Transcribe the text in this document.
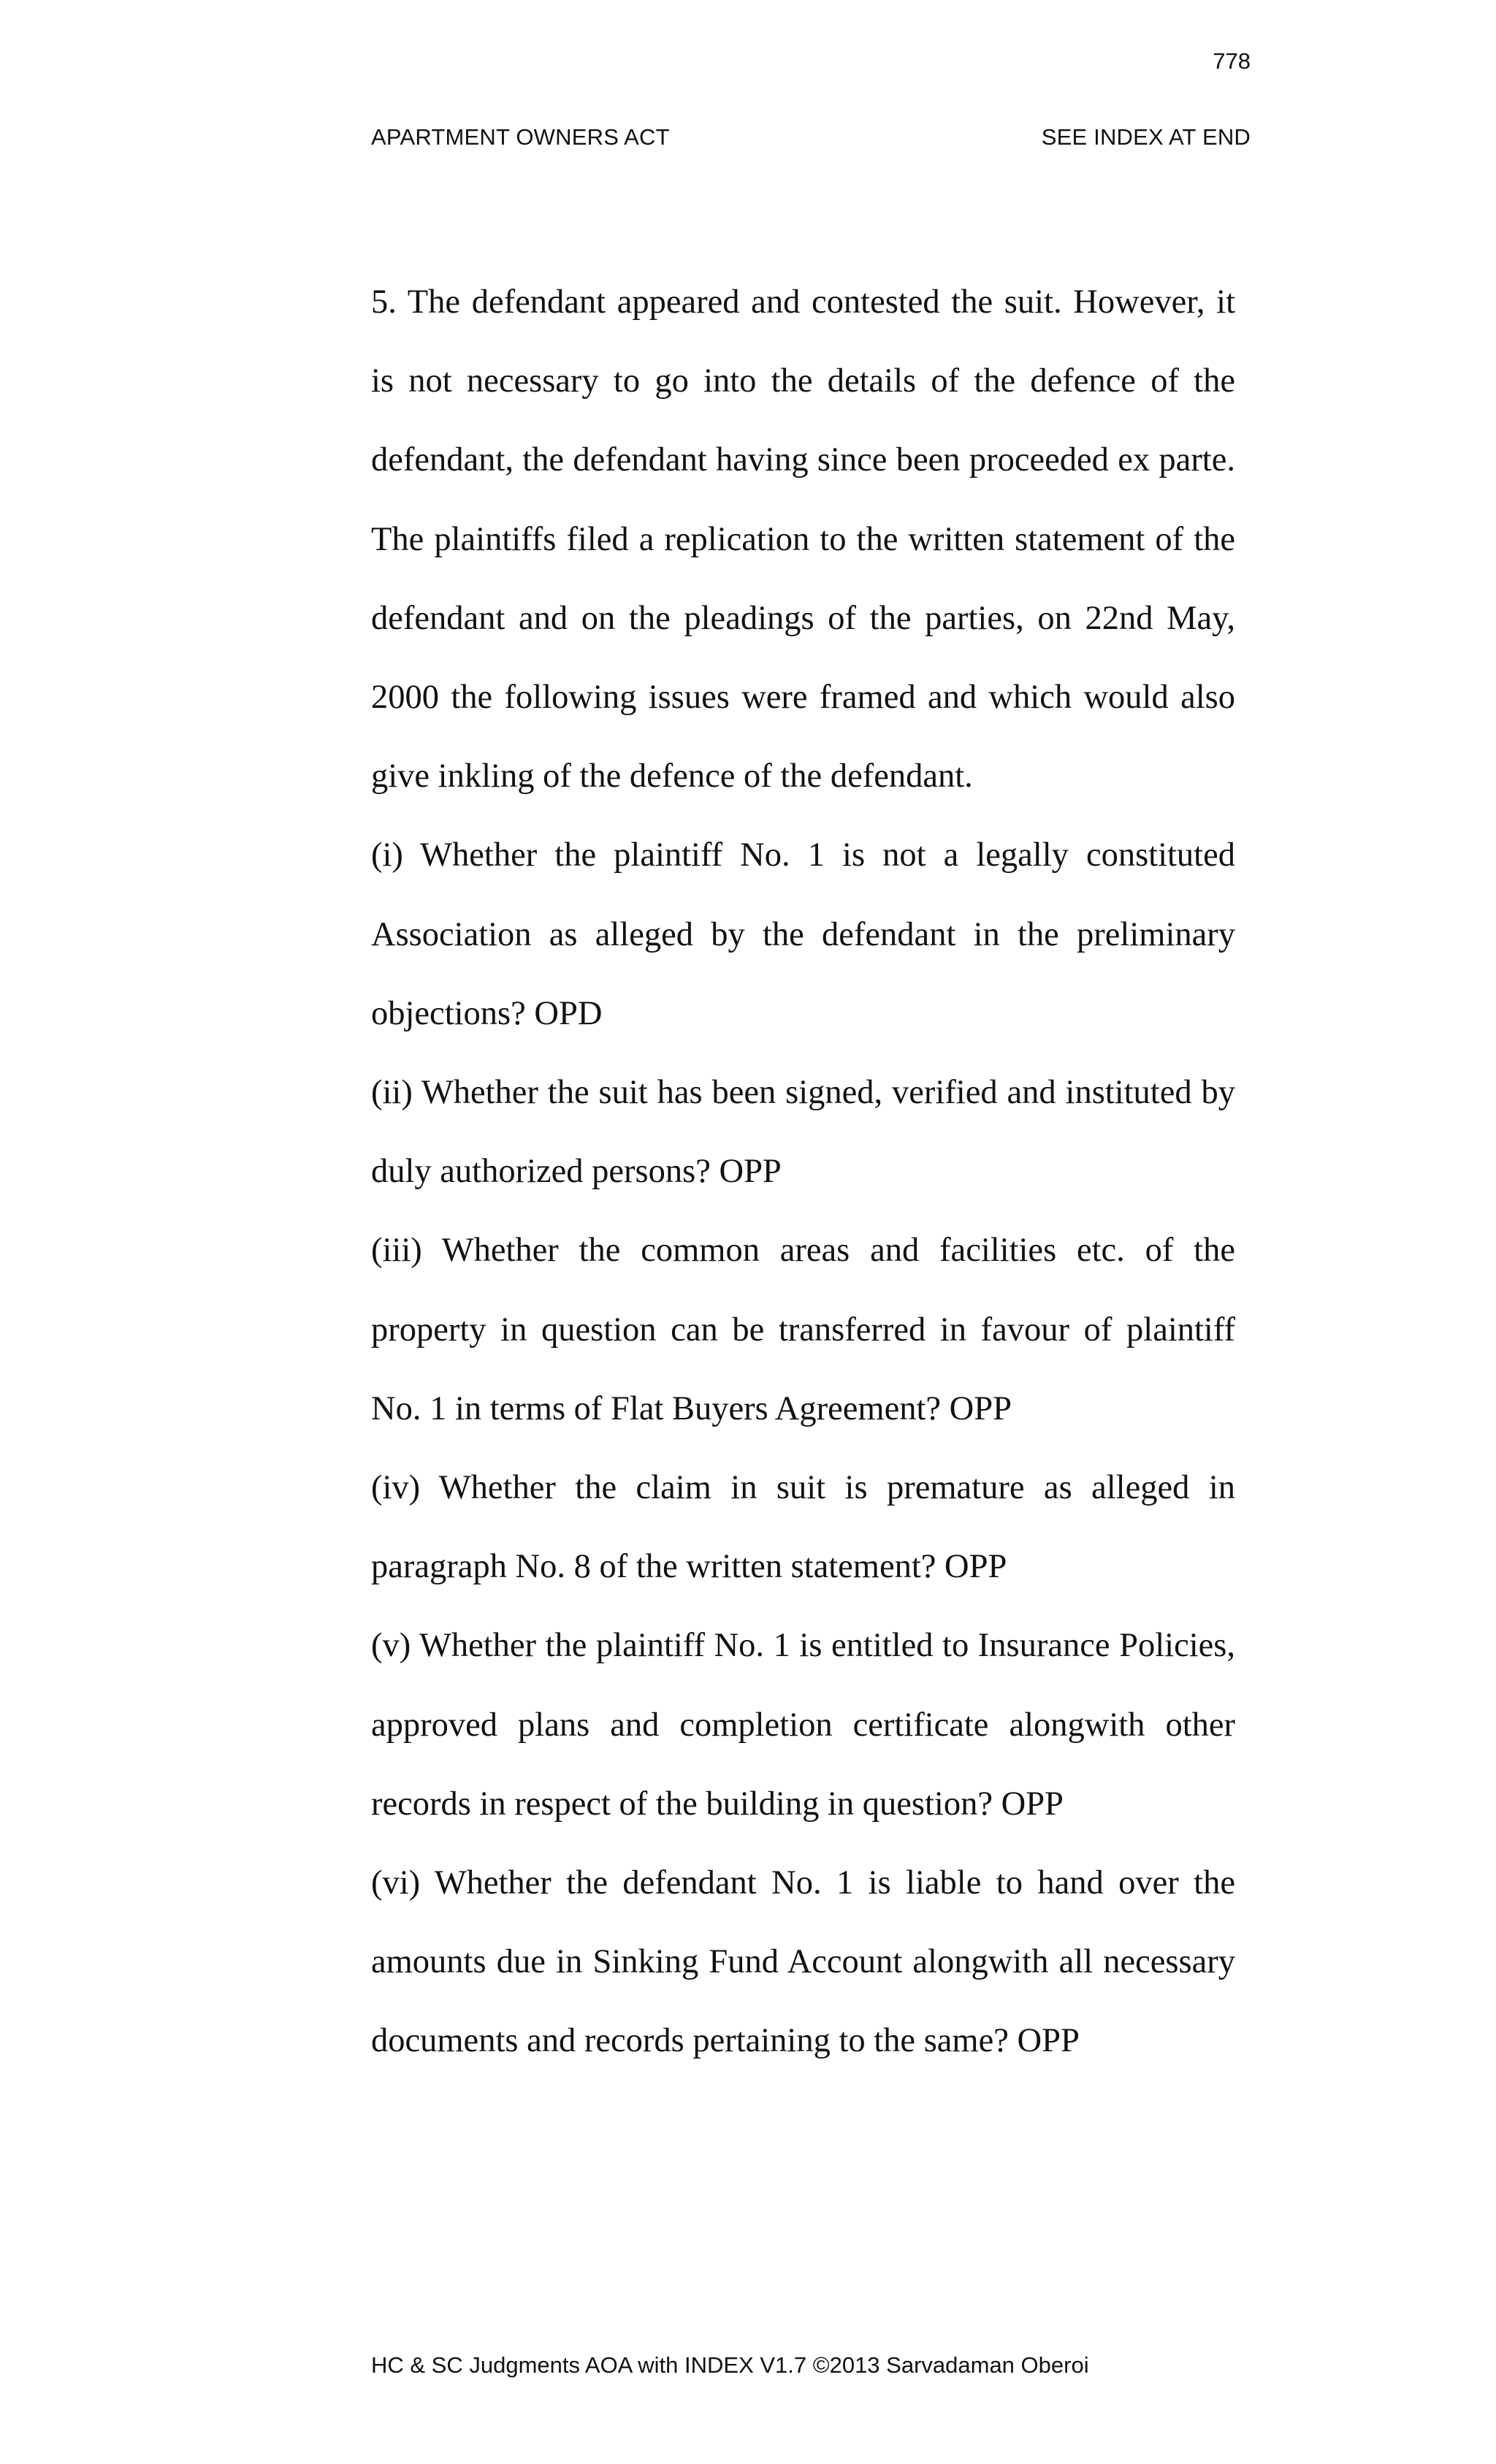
778
APARTMENT OWNERS ACT	SEE INDEX AT END

5. The defendant appeared and contested the suit. However, it is not necessary to go into the details of the defence of the defendant, the defendant having since been proceeded ex parte. The plaintiffs filed a replication to the written statement of the defendant and on the pleadings of the parties, on 22nd May, 2000 the following issues were framed and which would also give inkling of the defence of the defendant.

(i) Whether the plaintiff No. 1 is not a legally constituted Association as alleged by the defendant in the preliminary objections? OPD

(ii) Whether the suit has been signed, verified and instituted by duly authorized persons? OPP

(iii) Whether the common areas and facilities etc. of the property in question can be transferred in favour of plaintiff No. 1 in terms of Flat Buyers Agreement? OPP

(iv) Whether the claim in suit is premature as alleged in paragraph No. 8 of the written statement? OPP

(v) Whether the plaintiff No. 1 is entitled to Insurance Policies, approved plans and completion certificate alongwith other records in respect of the building in question? OPP

(vi) Whether the defendant No. 1 is liable to hand over the amounts due in Sinking Fund Account alongwith all necessary documents and records pertaining to the same? OPP

HC & SC Judgments AOA with INDEX V1.7 ©2013 Sarvadaman Oberoi
